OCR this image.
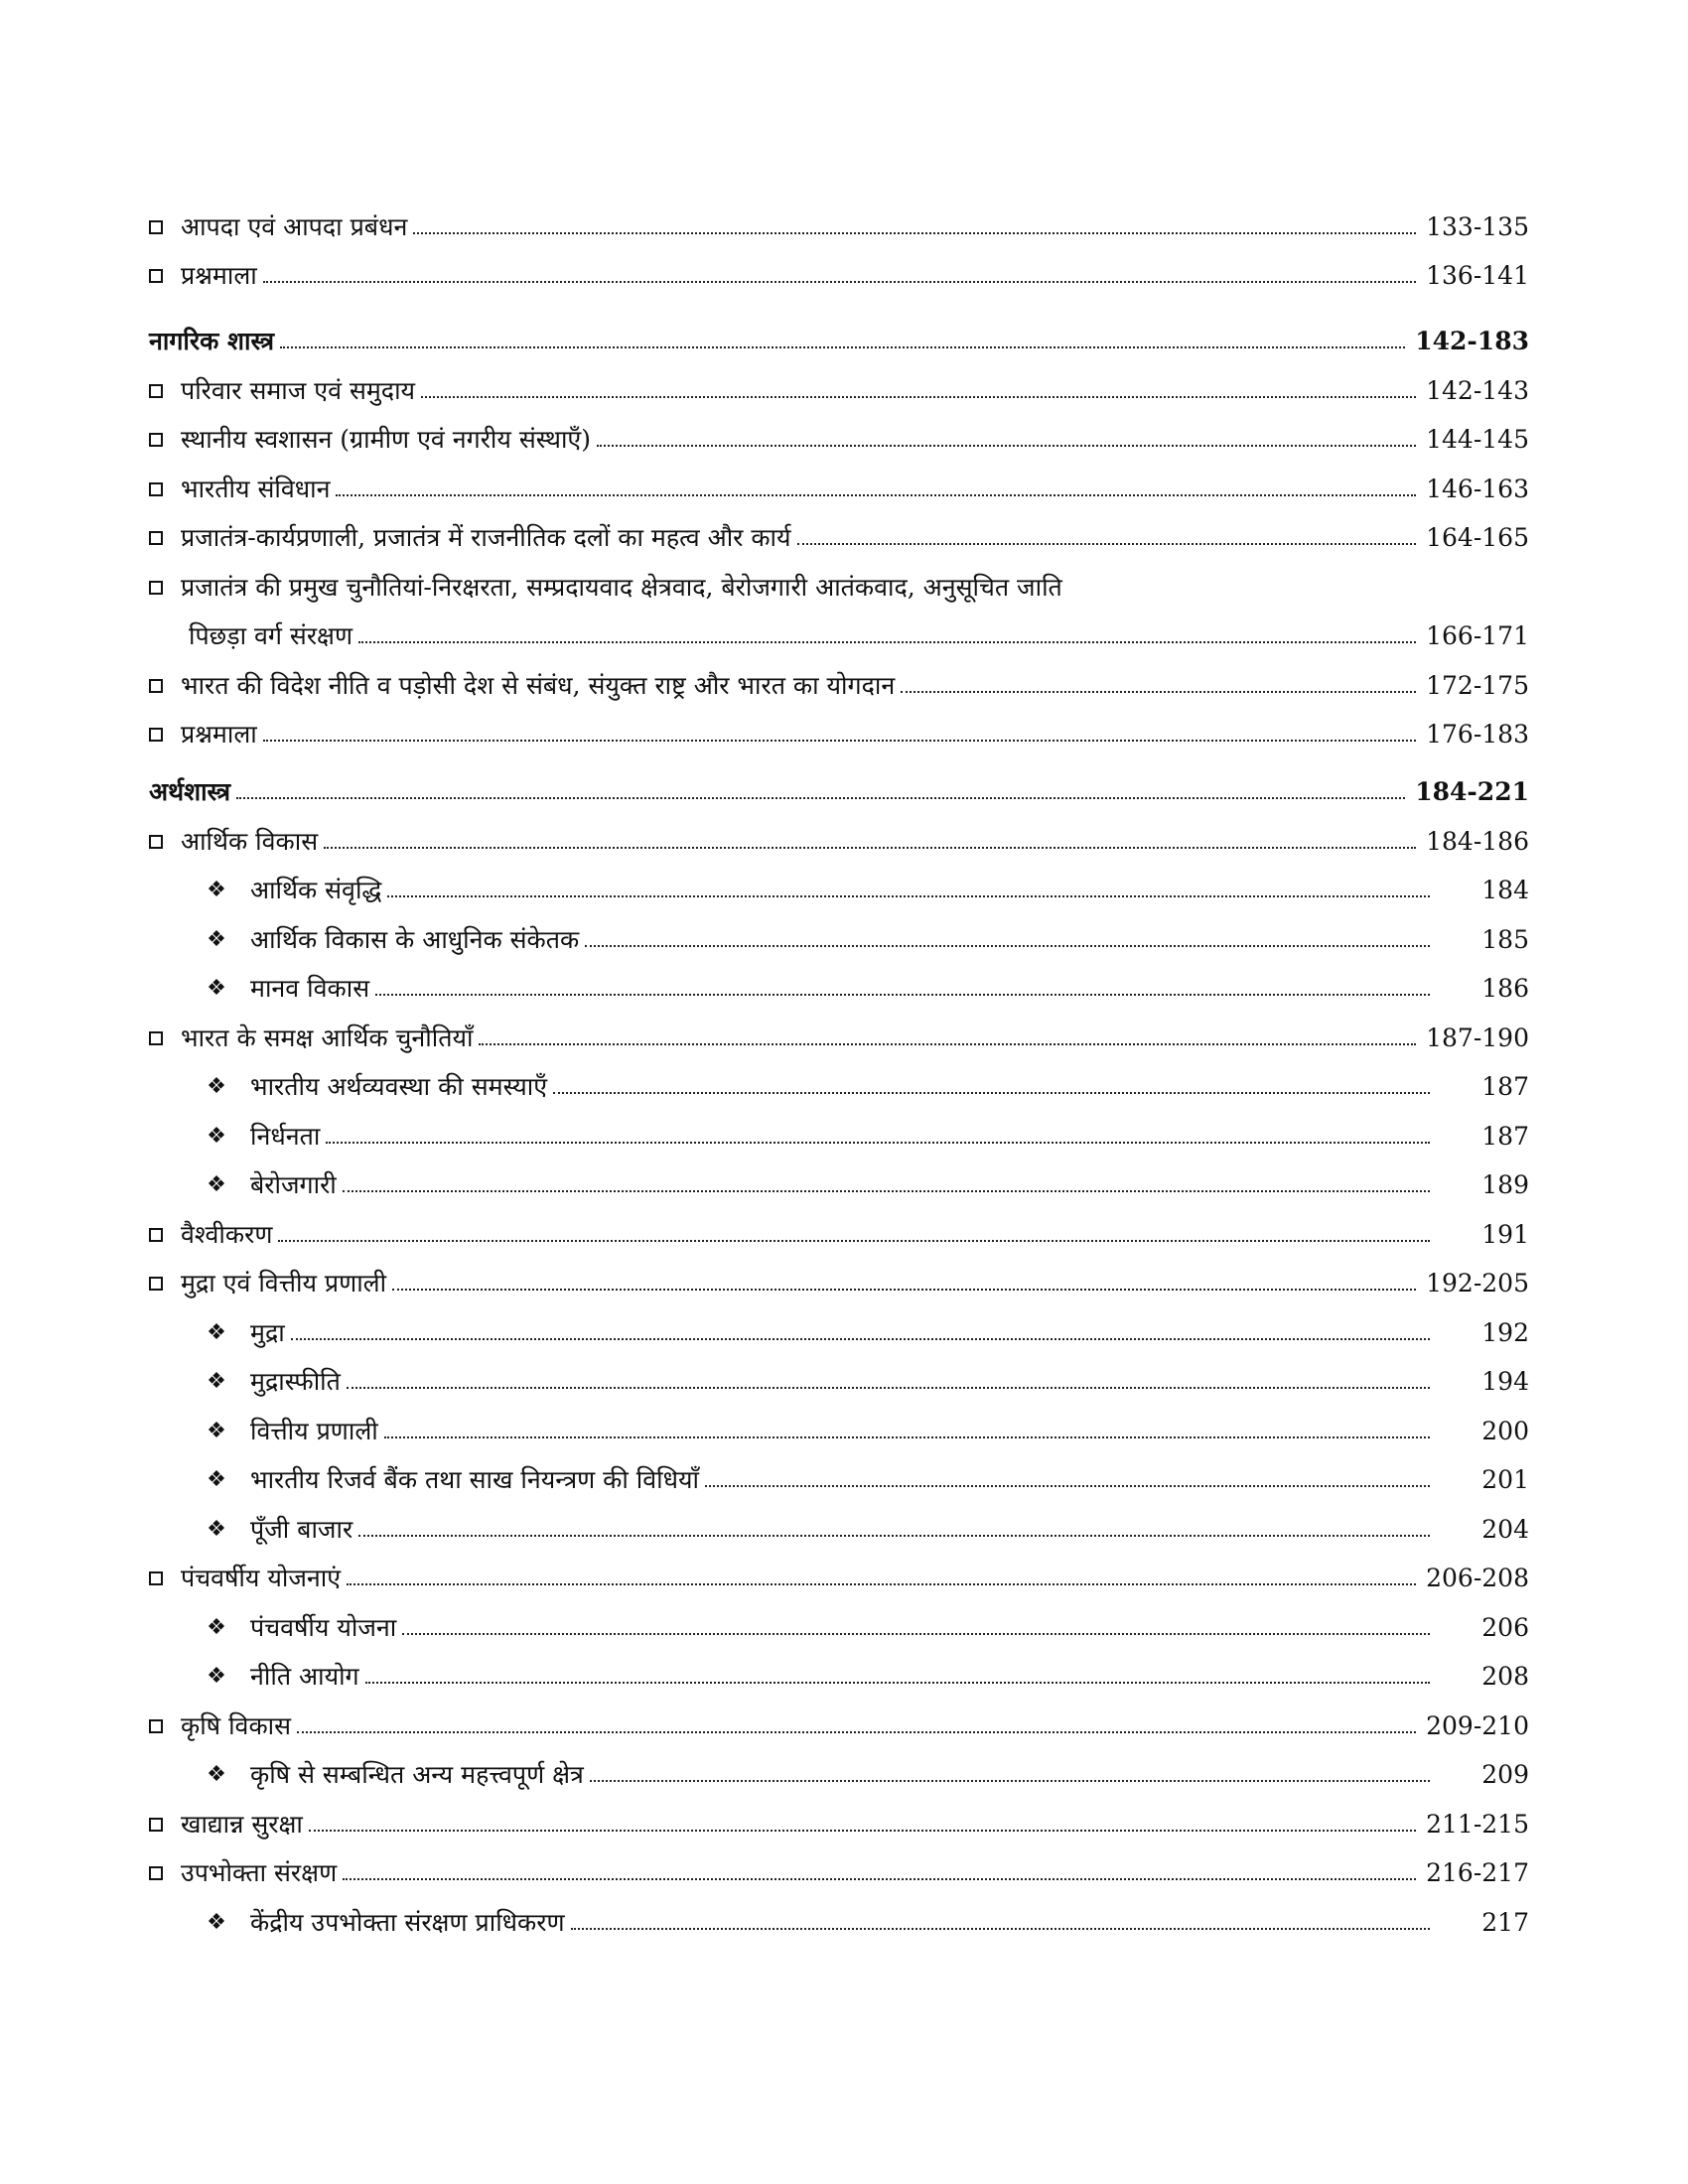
आपदा एवं आपदा प्रबंधन	133-135
प्रश्नमाला	136-141
नागरिक शास्त्र	142-183
परिवार समाज एवं समुदाय	142-143
स्थानीय स्वशासन (ग्रामीण एवं नगरीय संस्थाएँ)	144-145
भारतीय संविधान	146-163
प्रजातंत्र-कार्यप्रणाली, प्रजातंत्र में राजनीतिक दलों का महत्व और कार्य	164-165
प्रजातंत्र की प्रमुख चुनौतियां-निरक्षरता, सम्प्रदायवाद क्षेत्रवाद, बेरोजगारी आतंकवाद, अनुसूचित जाति
पिछड़ा वर्ग संरक्षण	166-171
भारत की विदेश नीति व पड़ोसी देश से संबंध, संयुक्त राष्ट्र और भारत का योगदान	172-175
प्रश्नमाला	176-183
अर्थशास्त्र	184-221
आर्थिक विकास	184-186
❖ आर्थिक संवृद्धि	184
❖ आर्थिक विकास के आधुनिक संकेतक	185
❖ मानव विकास	186
भारत के समक्ष आर्थिक चुनौतियाँ	187-190
❖ भारतीय अर्थव्यवस्था की समस्याएँ	187
❖ निर्धनता	187
❖ बेरोजगारी	189
वैश्वीकरण	191
मुद्रा एवं वित्तीय प्रणाली	192-205
❖ मुद्रा	192
❖ मुद्रास्फीति	194
❖ वित्तीय प्रणाली	200
❖ भारतीय रिजर्व बैंक तथा साख नियन्त्रण की विधियाँ	201
❖ पूँजी बाजार	204
पंचवर्षीय योजनाएं	206-208
❖ पंचवर्षीय योजना	206
❖ नीति आयोग	208
कृषि विकास	209-210
❖ कृषि से सम्बन्धित अन्य महत्त्वपूर्ण क्षेत्र	209
खाद्यान्न सुरक्षा	211-215
उपभोक्ता संरक्षण	216-217
❖ केंद्रीय उपभोक्ता संरक्षण प्राधिकरण	217
